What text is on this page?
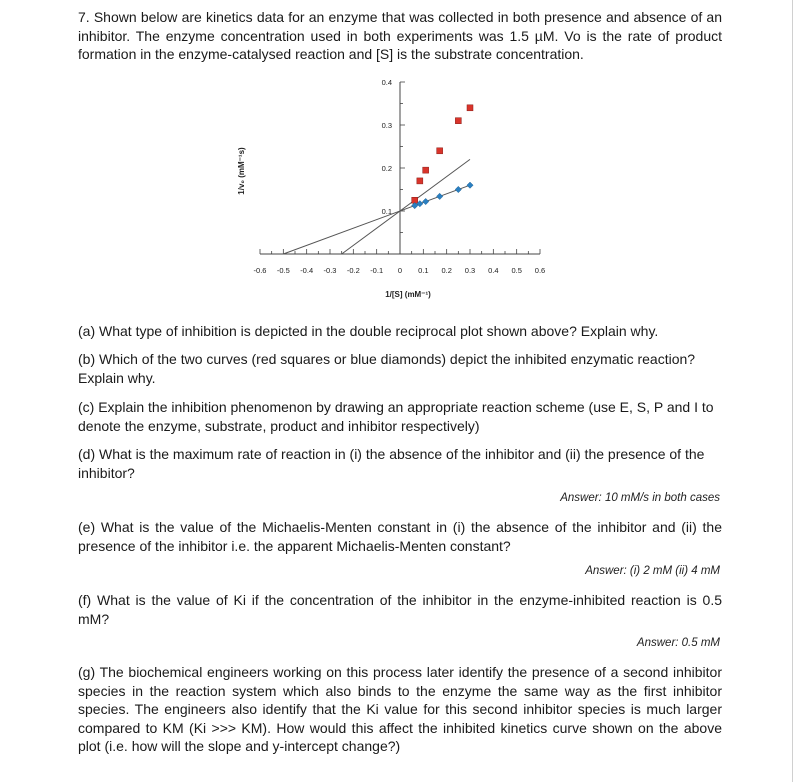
7. Shown below are kinetics data for an enzyme that was collected in both presence and absence of an inhibitor. The enzyme concentration used in both experiments was 1.5 µM. Vo is the rate of product formation in the enzyme-catalysed reaction and [S] is the substrate concentration.

-0.6 -0.5 -0.4 -0.3 -0.2 -0.1 0 0.1 0.2 0.3 0.4 0.5 0.6
0.1
0.2
0.3
0.4
1/[S] (mM⁻¹)
1/v₀ (mM⁻¹s)

(a) What type of inhibition is depicted in the double reciprocal plot shown above? Explain why.

(b) Which of the two curves (red squares or blue diamonds) depict the inhibited enzymatic reaction? Explain why.

(c) Explain the inhibition phenomenon by drawing an appropriate reaction scheme (use E, S, P and I to denote the enzyme, substrate, product and inhibitor respectively)

(d) What is the maximum rate of reaction in (i) the absence of the inhibitor and (ii) the presence of the inhibitor?

Answer: 10 mM/s in both cases

(e) What is the value of the Michaelis-Menten constant in (i) the absence of the inhibitor and (ii) the presence of the inhibitor i.e. the apparent Michaelis-Menten constant?

Answer: (i) 2 mM (ii) 4 mM

(f) What is the value of Ki if the concentration of the inhibitor in the enzyme-inhibited reaction is 0.5 mM?

Answer: 0.5 mM

(g) The biochemical engineers working on this process later identify the presence of a second inhibitor species in the reaction system which also binds to the enzyme the same way as the first inhibitor species. The engineers also identify that the Ki value for this second inhibitor species is much larger compared to KM (Ki >>> KM). How would this affect the inhibited kinetics curve shown on the above plot (i.e. how will the slope and y-intercept change?)
